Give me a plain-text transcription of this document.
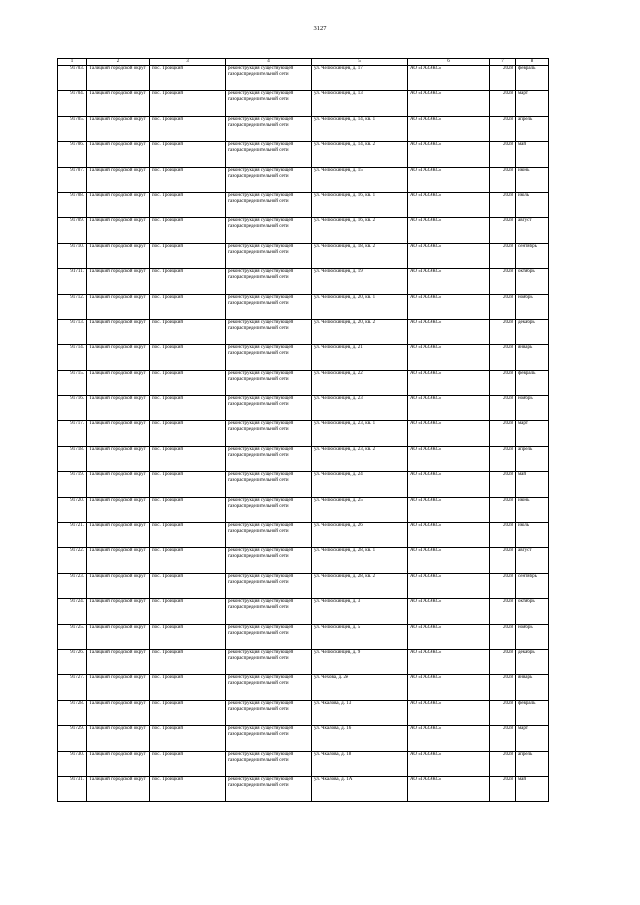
3127
1	2	3	4	5	6	7	8
91703.	Талицкий городской округ	пос. Троицкий	реконструкция существующей газораспределительной сети	ул. Челюскинцев, д. 17	АО «ГАЗЭКС»	2028	февраль
91704.	Талицкий городской округ	пос. Троицкий	реконструкция существующей газораспределительной сети	ул. Челюскинцев, д. 13	АО «ГАЗЭКС»	2028	март
91705.	Талицкий городской округ	пос. Троицкий	реконструкция существующей газораспределительной сети	ул. Челюскинцев, д. 14, кв. 1	АО «ГАЗЭКС»	2028	апрель
91706.	Талицкий городской округ	пос. Троицкий	реконструкция существующей газораспределительной сети	ул. Челюскинцев, д. 14, кв. 2	АО «ГАЗЭКС»	2028	май
91707.	Талицкий городской округ	пос. Троицкий	реконструкция существующей газораспределительной сети	ул. Челюскинцев, д. 15	АО «ГАЗЭКС»	2028	июнь
91708.	Талицкий городской округ	пос. Троицкий	реконструкция существующей газораспределительной сети	ул. Челюскинцев, д. 16, кв. 1	АО «ГАЗЭКС»	2028	июль
91709.	Талицкий городской округ	пос. Троицкий	реконструкция существующей газораспределительной сети	ул. Челюскинцев, д. 16, кв. 2	АО «ГАЗЭКС»	2028	август
91710.	Талицкий городской округ	пос. Троицкий	реконструкция существующей газораспределительной сети	ул. Челюскинцев, д. 18, кв. 2	АО «ГАЗЭКС»	2028	сентябрь
91711.	Талицкий городской округ	пос. Троицкий	реконструкция существующей газораспределительной сети	ул. Челюскинцев, д. 19	АО «ГАЗЭКС»	2028	октябрь
91712.	Талицкий городской округ	пос. Троицкий	реконструкция существующей газораспределительной сети	ул. Челюскинцев, д. 20, кв. 1	АО «ГАЗЭКС»	2028	ноябрь
91713.	Талицкий городской округ	пос. Троицкий	реконструкция существующей газораспределительной сети	ул. Челюскинцев, д. 20, кв. 2	АО «ГАЗЭКС»	2028	декабрь
91714.	Талицкий городской округ	пос. Троицкий	реконструкция существующей газораспределительной сети	ул. Челюскинцев, д. 21	АО «ГАЗЭКС»	2028	январь
91715.	Талицкий городской округ	пос. Троицкий	реконструкция существующей газораспределительной сети	ул. Челюскинцев, д. 22	АО «ГАЗЭКС»	2028	февраль
91716.	Талицкий городской округ	пос. Троицкий	реконструкция существующей газораспределительной сети	ул. Челюскинцев, д. 23	АО «ГАЗЭКС»	2028	ноябрь
91717.	Талицкий городской округ	пос. Троицкий	реконструкция существующей газораспределительной сети	ул. Челюскинцев, д. 23, кв. 1	АО «ГАЗЭКС»	2028	март
91718.	Талицкий городской округ	пос. Троицкий	реконструкция существующей газораспределительной сети	ул. Челюскинцев, д. 23, кв. 2	АО «ГАЗЭКС»	2028	апрель
91719.	Талицкий городской округ	пос. Троицкий	реконструкция существующей газораспределительной сети	ул. Челюскинцев, д. 24	АО «ГАЗЭКС»	2028	май
91720.	Талицкий городской округ	пос. Троицкий	реконструкция существующей газораспределительной сети	ул. Челюскинцев, д. 25	АО «ГАЗЭКС»	2028	июнь
91721.	Талицкий городской округ	пос. Троицкий	реконструкция существующей газораспределительной сети	ул. Челюскинцев, д. 26	АО «ГАЗЭКС»	2028	июль
91722.	Талицкий городской округ	пос. Троицкий	реконструкция существующей газораспределительной сети	ул. Челюскинцев, д. 28, кв. 1	АО «ГАЗЭКС»	2028	август
91723.	Талицкий городской округ	пос. Троицкий	реконструкция существующей газораспределительной сети	ул. Челюскинцев, д. 28, кв. 2	АО «ГАЗЭКС»	2028	сентябрь
91724.	Талицкий городской округ	пос. Троицкий	реконструкция существующей газораспределительной сети	ул. Челюскинцев, д. 3	АО «ГАЗЭКС»	2028	октябрь
91725.	Талицкий городской округ	пос. Троицкий	реконструкция существующей газораспределительной сети	ул. Челюскинцев, д. 5	АО «ГАЗЭКС»	2028	ноябрь
91726.	Талицкий городской округ	пос. Троицкий	реконструкция существующей газораспределительной сети	ул. Челюскинцев, д. 9	АО «ГАЗЭКС»	2028	декабрь
91727.	Талицкий городской округ	пос. Троицкий	реконструкция существующей газораспределительной сети	ул. Чехова, д. 2е	АО «ГАЗЭКС»	2028	январь
91728.	Талицкий городской округ	пос. Троицкий	реконструкция существующей газораспределительной сети	ул. Чкалова, д. 13	АО «ГАЗЭКС»	2028	февраль
91729.	Талицкий городской округ	пос. Троицкий	реконструкция существующей газораспределительной сети	ул. Чкалова, д. 16	АО «ГАЗЭКС»	2028	март
91730.	Талицкий городской округ	пос. Троицкий	реконструкция существующей газораспределительной сети	ул. Чкалова, д. 18	АО «ГАЗЭКС»	2028	апрель
91731.	Талицкий городской округ	пос. Троицкий	реконструкция существующей газораспределительной сети	ул. Чкалова, д. 1А	АО «ГАЗЭКС»	2028	май
